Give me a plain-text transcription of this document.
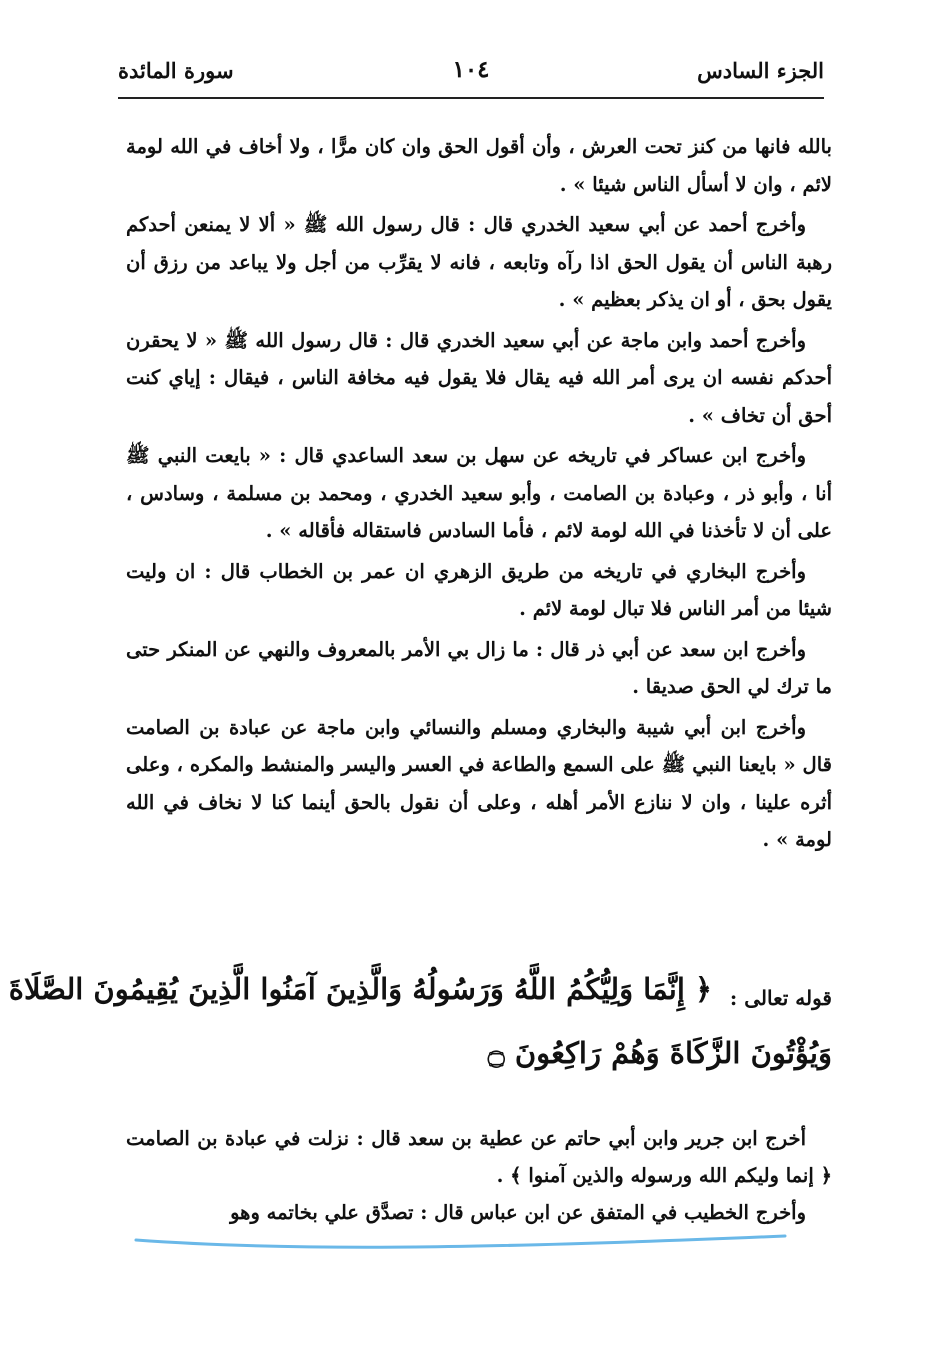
الجزء السادس
١٠٤
سورة المائدة

بالله فانها من كنز تحت العرش ، وأن أقول الحق وان كان مرًّا ، ولا أخاف في الله لومة لائم ، وان لا أسأل الناس شيئا » .

وأخرج أحمد عن أبي سعيد الخدري قال : قال رسول الله ﷺ « ألا لا يمنعن أحدكم رهبة الناس أن يقول الحق اذا رآه وتابعه ، فانه لا يقرِّب من أجل ولا يباعد من رزق أن يقول بحق ، أو ان يذكر بعظيم » .

وأخرج أحمد وابن ماجة عن أبي سعيد الخدري قال : قال رسول الله ﷺ « لا يحقرن أحدكم نفسه ان يرى أمر الله فيه يقال فلا يقول فيه مخافة الناس ، فيقال : إياي كنت أحق أن تخاف » .

وأخرج ابن عساكر في تاريخه عن سهل بن سعد الساعدي قال : « بايعت النبي ﷺ أنا ، وأبو ذر ، وعبادة بن الصامت ، وأبو سعيد الخدري ، ومحمد بن مسلمة ، وسادس ، على أن لا تأخذنا في الله لومة لائم ، فأما السادس فاستقاله فأقاله » .

وأخرج البخاري في تاريخه من طريق الزهري ان عمر بن الخطاب قال : ان وليت شيئا من أمر الناس فلا تبال لومة لائم .

وأخرج ابن سعد عن أبي ذر قال : ما زال بي الأمر بالمعروف والنهي عن المنكر حتى ما ترك لي الحق صديقا .

وأخرج ابن أبي شيبة والبخاري ومسلم والنسائي وابن ماجة عن عبادة بن الصامت قال « بايعنا النبي ﷺ على السمع والطاعة في العسر واليسر والمنشط والمكره ، وعلى أثره علينا ، وان لا ننازع الأمر أهله ، وعلى أن نقول بالحق أينما كنا لا نخاف في الله لومة » .

قوله تعالى :
﴿ إِنَّمَا وَلِيُّكُمُ اللَّهُ وَرَسُولُهُ وَالَّذِينَ آمَنُوا الَّذِينَ يُقِيمُونَ الصَّلَاةَ
وَيُؤْتُونَ الزَّكَاةَ وَهُمْ رَاكِعُونَ ۝

أخرج ابن جرير وابن أبي حاتم عن عطية بن سعد قال : نزلت في عبادة بن الصامت ﴿ إنما وليكم الله ورسوله والذين آمنوا ﴾ .

وأخرج الخطيب في المتفق عن ابن عباس قال : تصدَّق علي بخاتمه وهو
